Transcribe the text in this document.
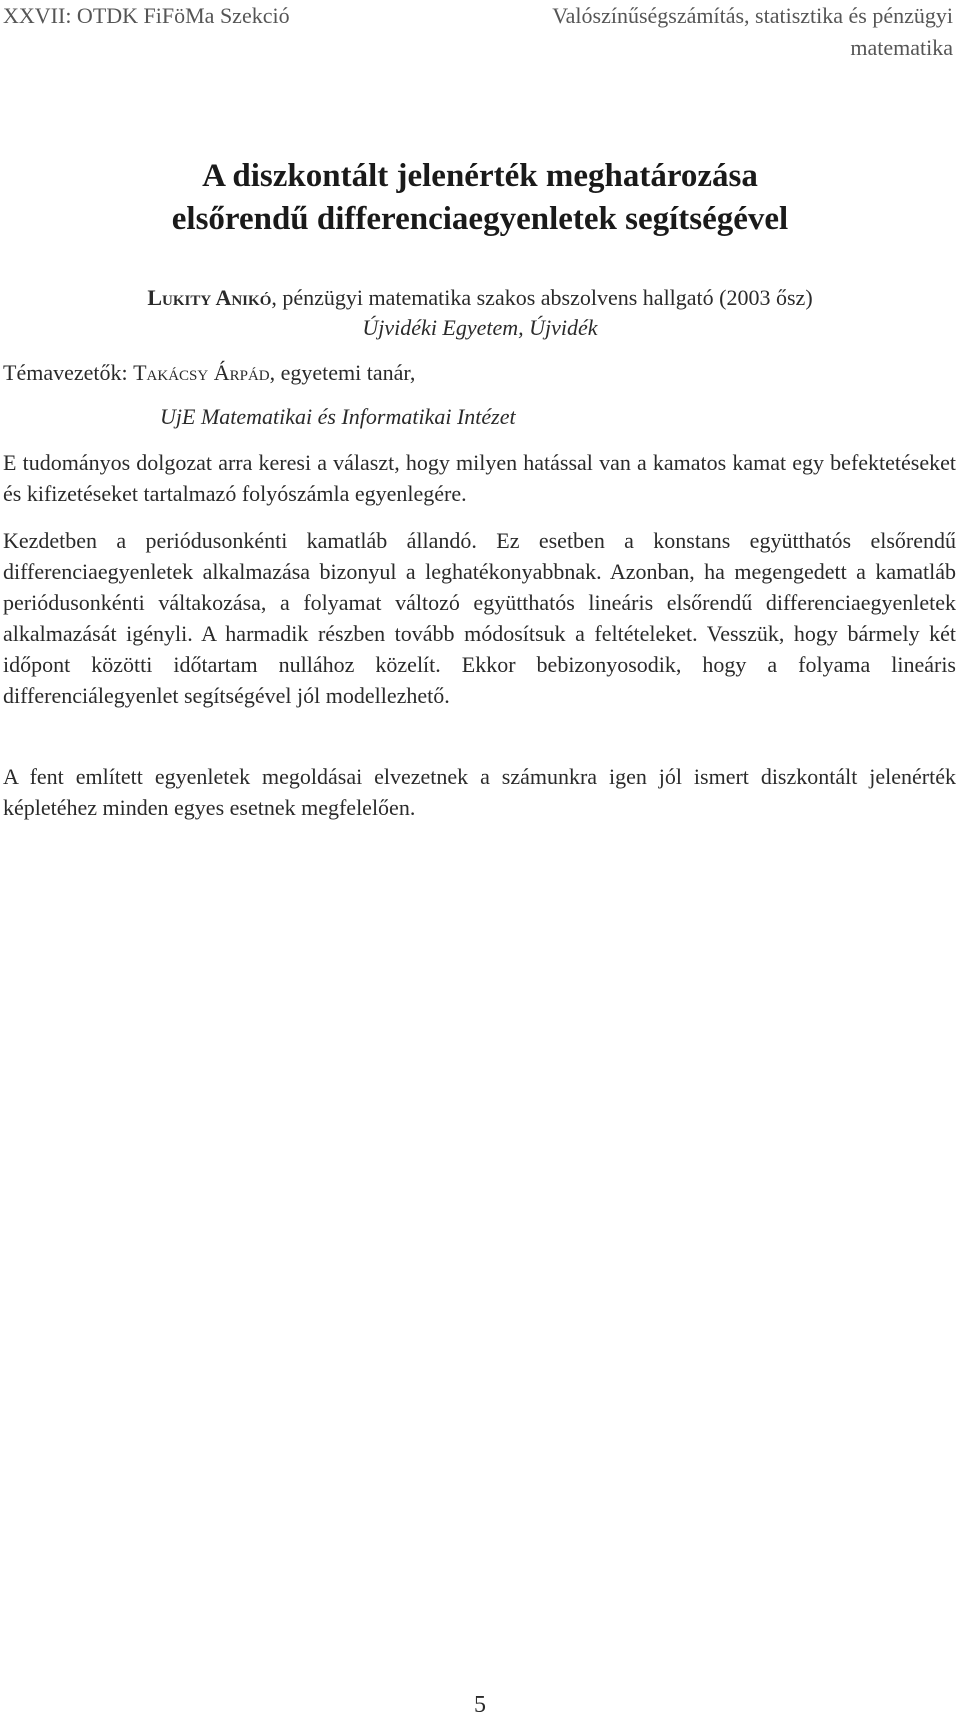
XXVII: OTDK FiFöMa Szekció	Valószínűségszámítás, statisztika és pénzügyi matematika
A diszkontált jelenérték meghatározása elsőrendű differenciaegyenletek segítségével
Lukity Anikó, pénzügyi matematika szakos abszolvens hallgató (2003 ősz)
Újvidéki Egyetem, Újvidék
Témavezetők: Takácsy Árpád, egyetemi tanár,
UjE Matematikai és Informatikai Intézet

E tudományos dolgozat arra keresi a választ, hogy milyen hatással van a kamatos kamat egy befektetéseket és kifizetéseket tartalmazó folyószámla egyenlegére.

Kezdetben a periódusonkénti kamatláb állandó. Ez esetben a konstans együtthatós elsőrendű differenciaegyenletek alkalmazása bizonyul a leghatékonyabbnak. Azonban, ha megengedett a kamatláb periódusonkénti váltakozása, a folyamat változó együtthatós lineáris elsőrendű differenciaegyenletek alkalmazását igényli. A harmadik részben tovább módosítsuk a feltételeket. Vesszük, hogy bármely két időpont közötti időtartam nullához közelít. Ekkor bebizonyosodik, hogy a folyama lineáris differenciálegyenlet segítségével jól modellezhető.

A fent említett egyenletek megoldásai elvezetnek a számunkra igen jól ismert diszkontált jelenérték képletéhez minden egyes esetnek megfelelően.

5
